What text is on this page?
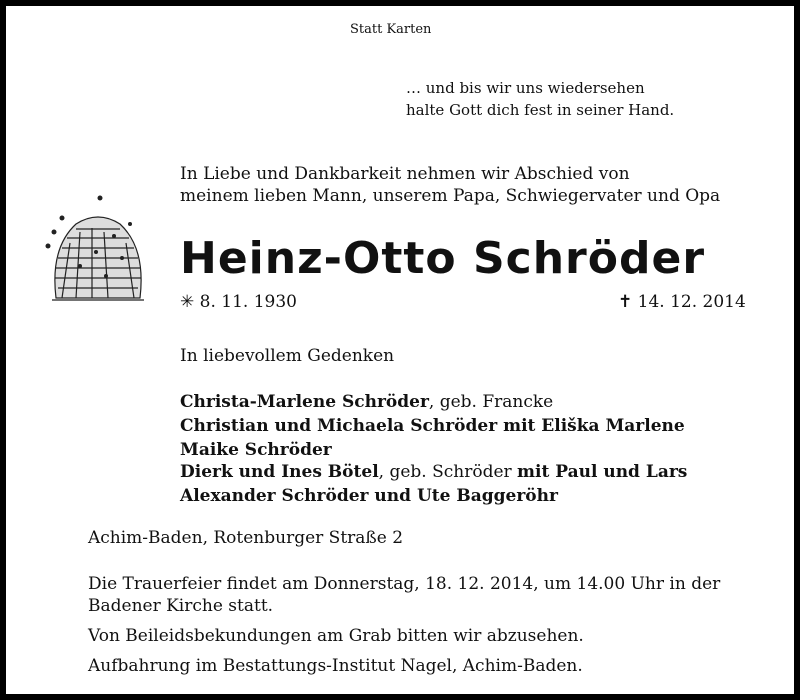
Statt Karten
… und bis wir uns wiedersehen
halte Gott dich fest in seiner Hand.
In Liebe und Dankbarkeit nehmen wir Abschied von
meinem lieben Mann, unserem Papa, Schwiegervater und Opa
Heinz-Otto Schröder
✳ 8. 11. 1930	✝ 14. 12. 2014
In liebevollem Gedenken
Christa-Marlene Schröder, geb. Francke
Christian und Michaela Schröder mit Eliška Marlene
Maike Schröder
Dierk und Ines Bötel, geb. Schröder mit Paul und Lars
Alexander Schröder und Ute Baggeröhr
Achim-Baden, Rotenburger Straße 2
Die Trauerfeier findet am Donnerstag, 18. 12. 2014, um 14.00 Uhr in der
Badener Kirche statt.
Von Beileidsbekundungen am Grab bitten wir abzusehen.
Aufbahrung im Bestattungs-Institut Nagel, Achim-Baden.
